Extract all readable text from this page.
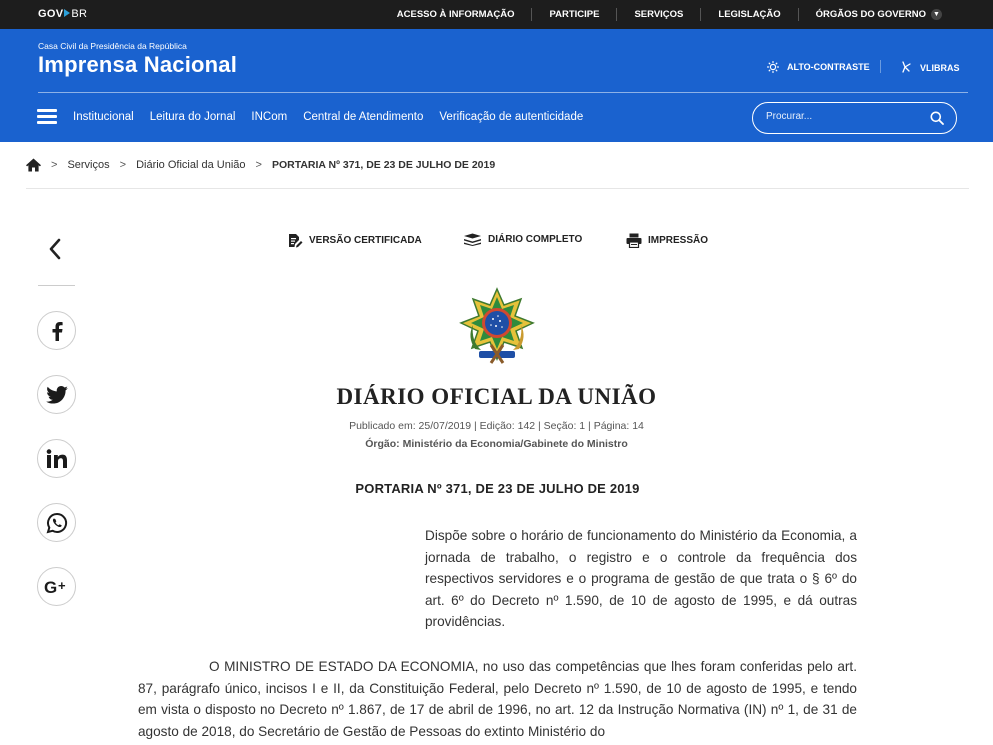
GOV BR	ACESSO À INFORMAÇÃO	PARTICIPE	SERVIÇOS	LEGISLAÇÃO	ÓRGÃOS DO GOVERNO ▼
Casa Civil da Presidência da República
Imprensa Nacional	ALTO-CONTRASTE	VLIBRAS
Institucional Leitura do Jornal INCom Central de Atendimento Verificação de autenticidade
Procurar...
> Serviços > Diário Oficial da União > PORTARIA Nº 371, DE 23 DE JULHO DE 2019
G +
VERSÃO CERTIFICADA	DIÁRIO COMPLETO	IMPRESSÃO
DIÁRIO OFICIAL DA UNIÃO
Publicado em: 25/07/2019 | Edição: 142 | Seção: 1 | Página: 14
Órgão: Ministério da Economia/Gabinete do Ministro
PORTARIA Nº 371, DE 23 DE JULHO DE 2019
Dispõe sobre o horário de funcionamento do Ministério da Economia, a jornada de trabalho, o registro e o controle da frequência dos respectivos servidores e o programa de gestão de que trata o § 6º do art. 6º do Decreto nº 1.590, de 10 de agosto de 1995, e dá outras providências.
O MINISTRO DE ESTADO DA ECONOMIA, no uso das competências que lhes foram conferidas pelo art. 87, parágrafo único, incisos I e II, da Constituição Federal, pelo Decreto nº 1.590, de 10 de agosto de 1995, e tendo em vista o disposto no Decreto nº 1.867, de 17 de abril de 1996, no art. 12 da Instrução Normativa (IN) nº 1, de 31 de agosto de 2018, do Secretário de Gestão de Pessoas do extinto Ministério do
